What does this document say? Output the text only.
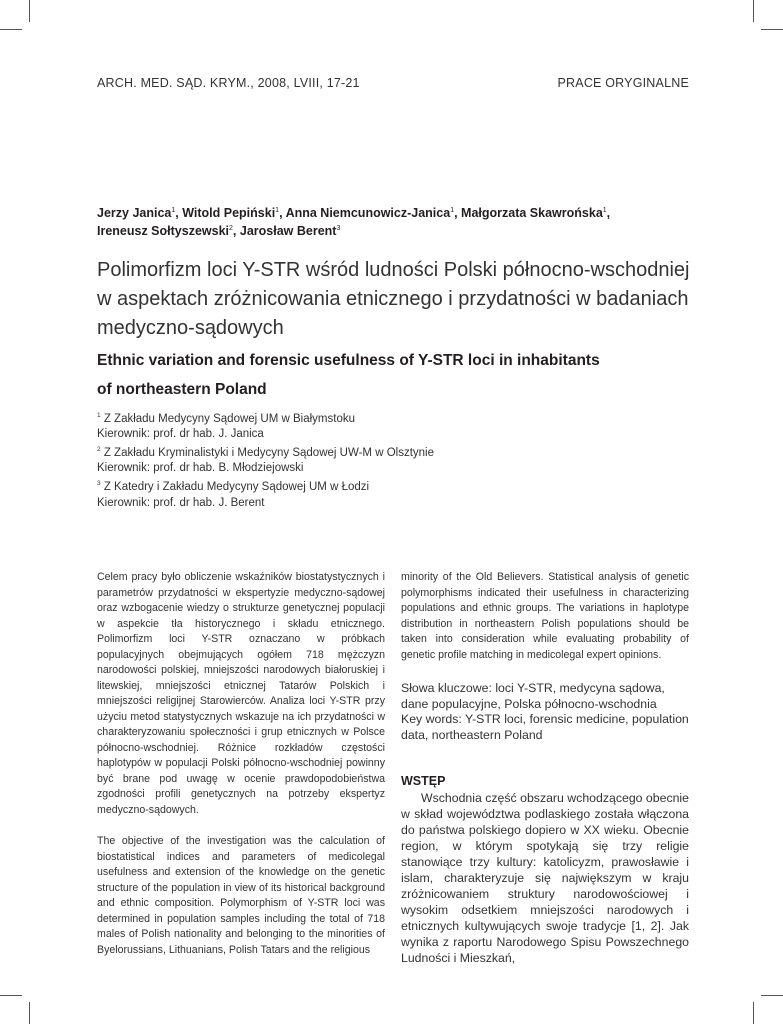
ARCH. MED. SĄD. KRYM., 2008, LVIII, 17-21	PRACE ORYGINALNE
Jerzy Janica$^1$, Witold Pepiński$^1$, Anna Niemcunowicz-Janica$^1$, Małgorzata Skawrońska$^1$,
Ireneusz Sołtyszewski$^2$, Jarosław Berent$^3$
Polimorfizm loci Y-STR wśród ludności Polski północno-wschodniej
w aspektach zróżnicowania etnicznego i przydatności w badaniach
medyczno-sądowych
Ethnic variation and forensic usefulness of Y-STR loci in inhabitants
of northeastern Poland
$^1$ Z Zakładu Medycyny Sądowej UM w Białymstoku
Kierownik: prof. dr hab. J. Janica
$^2$ Z Zakładu Kryminalistyki i Medycyny Sądowej UW-M w Olsztynie
Kierownik: prof. dr hab. B. Młodziejowski
$^3$ Z Katedry i Zakładu Medycyny Sądowej UM w Łodzi
Kierownik: prof. dr hab. J. Berent

Celem pracy było obliczenie wskaźników biostatystycznych i parametrów przydatności w ekspertyzie medyczno-sądowej oraz wzbogacenie wiedzy o strukturze genetycznej populacji w aspekcie tła historycznego i składu etnicznego. Polimorfizm loci Y-STR oznaczano w próbkach populacyjnych obejmujących ogółem 718 mężczyzn narodowości polskiej, mniejszości narodowych białoruskiej i litewskiej, mniejszości etnicznej Tatarów Polskich i mniejszości religijnej Starowierców. Analiza loci Y-STR przy użyciu metod statystycznych wskazuje na ich przydatności w charakteryzowaniu społeczności i grup etnicznych w Polsce północno-wschodniej. Różnice rozkładów częstości haplotypów w populacji Polski północno-wschodniej powinny być brane pod uwagę w ocenie prawdopodobieństwa zgodności profili genetycznych na potrzeby ekspertyz medyczno-sądowych.

The objective of the investigation was the calculation of biostatistical indices and parameters of medicolegal usefulness and extension of the knowledge on the genetic structure of the population in view of its historical background and ethnic composition. Polymorphism of Y-STR loci was determined in population samples including the total of 718 males of Polish nationality and belonging to the minorities of Byelorussians, Lithuanians, Polish Tatars and the religious

minority of the Old Believers. Statistical analysis of genetic polymorphisms indicated their usefulness in characterizing populations and ethnic groups. The variations in haplotype distribution in northeastern Polish populations should be taken into consideration while evaluating probability of genetic profile matching in medicolegal expert opinions.

Słowa kluczowe: loci Y-STR, medycyna sądowa, dane populacyjne, Polska północno-wschodnia
Key words: Y-STR loci, forensic medicine, population data, northeastern Poland
WSTĘP

Wschodnia część obszaru wchodzącego obecnie w skład województwa podlaskiego została włączona do państwa polskiego dopiero w XX wieku. Obecnie region, w którym spotykają się trzy religie stanowiące trzy kultury: katolicyzm, prawosławie i islam, charakteryzuje się największym w kraju zróżnicowaniem struktury narodowościowej i wysokim odsetkiem mniejszości narodowych i etnicznych kultywujących swoje tradycje [1, 2]. Jak wynika z raportu Narodowego Spisu Powszechnego Ludności i Mieszkań,
